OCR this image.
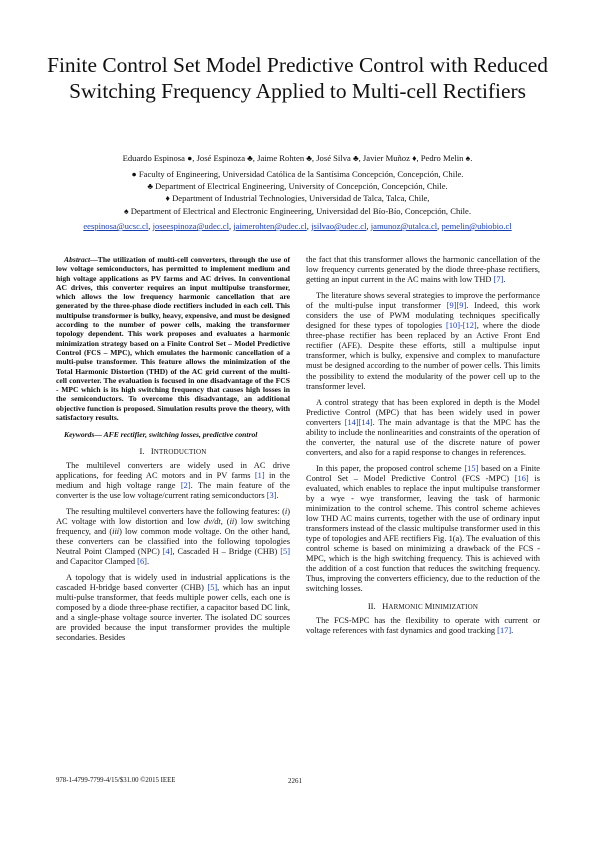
Finite Control Set Model Predictive Control with Reduced Switching Frequency Applied to Multi-cell Rectifiers
Eduardo Espinosa ●, José Espinoza ♣, Jaime Rohten ♣, José Silva ♣, Javier Muñoz ♦, Pedro Melin ♠.
● Faculty of Engineering, Universidad Católica de la Santísima Concepción, Concepción, Chile.
♣ Department of Electrical Engineering, University of Concepción, Concepción, Chile.
♦ Department of Industrial Technologies, Universidad de Talca, Talca, Chile,
♠ Department of Electrical and Electronic Engineering, Universidad del Bío-Bío, Concepción, Chile.
eespinosa@ucsc.cl, joseespinoza@udec.cl, jaimerohten@udec.cl, jsilvao@udec.cl, jamunoz@utalca.cl, pemelin@ubiobio.cl

Abstract—The utilization of multi-cell converters, through the use of low voltage semiconductors, has permitted to implement medium and high voltage applications as PV farms and AC drives. In conventional AC drives, this converter requires an input multipulse transformer, which allows the low frequency harmonic cancellation that are generated by the three-phase diode rectifiers included in each cell. This multipulse transformer is bulky, heavy, expensive, and must be designed according to the number of power cells, making the transformer topology dependent. This work proposes and evaluates a harmonic minimization strategy based on a Finite Control Set – Model Predictive Control (FCS – MPC), which emulates the harmonic cancellation of a multi-pulse transformer. This feature allows the minimization of the Total Harmonic Distortion (THD) of the AC grid current of the multi-cell converter. The evaluation is focused in one disadvantage of the FCS - MPC which is its high switching frequency that causes high losses in the semiconductors. To overcome this disadvantage, an additional objective function is proposed. Simulation results prove the theory, with satisfactory results.

Keywords— AFE rectifier, switching losses, predictive control

I. INTRODUCTION

The multilevel converters are widely used in AC drive applications, for feeding AC motors and in PV farms [1] in the medium and high voltage range [2]. The main feature of the converter is the use low voltage/current rating semiconductors [3].

The resulting multilevel converters have the following features: (i) AC voltage with low distortion and low dv/dt, (ii) low switching frequency, and (iii) low common mode voltage. On the other hand, these converters can be classified into the following topologies Neutral Point Clamped (NPC) [4], Cascaded H – Bridge (CHB) [5] and Capacitor Clamped [6].

A topology that is widely used in industrial applications is the cascaded H-bridge based converter (CHB) [5], which has an input multi-pulse transformer, that feeds multiple power cells, each one is composed by a diode three-phase rectifier, a capacitor based DC link, and a single-phase voltage source inverter. The isolated DC sources are provided because the input transformer provides the multiple secondaries. Besides

the fact that this transformer allows the harmonic cancellation of the low frequency currents generated by the diode three-phase rectifiers, getting an input current in the AC mains with low THD [7].

The literature shows several strategies to improve the performance of the multi-pulse input transformer [9][9]. Indeed, this work considers the use of PWM modulating techniques specifically designed for these types of topologies [10]-[12], where the diode three-phase rectifier has been replaced by an Active Front End rectifier (AFE). Despite these efforts, still a multipulse input transformer, which is bulky, expensive and complex to manufacture must be designed according to the number of power cells. This limits the possibility to extend the modularity of the power cell up to the transformer level.

A control strategy that has been explored in depth is the Model Predictive Control (MPC) that has been widely used in power converters [14][14]. The main advantage is that the MPC has the ability to include the nonlinearities and constraints of the operation of the converter, the natural use of the discrete nature of power converters, and also for a rapid response to changes in references.

In this paper, the proposed control scheme [15] based on a Finite Control Set – Model Predictive Control (FCS -MPC) [16] is evaluated, which enables to replace the input multipulse transformer by a wye - wye transformer, leaving the task of harmonic minimization to the control scheme. This control scheme achieves low THD AC mains currents, together with the use of ordinary input transformers instead of the classic multipulse transformer used in this type of topologies and AFE rectifiers Fig. 1(a). The evaluation of this control scheme is based on minimizing a drawback of the FCS - MPC, which is the high switching frequency. This is achieved with the addition of a cost function that reduces the switching frequency. Thus, improving the converters efficiency, due to the reduction of the switching losses.

II. HARMONIC MINIMIZATION

The FCS-MPC has the flexibility to operate with current or voltage references with fast dynamics and good tracking [17].

978-1-4799-7799-4/15/$31.00 ©2015 IEEE	2261
